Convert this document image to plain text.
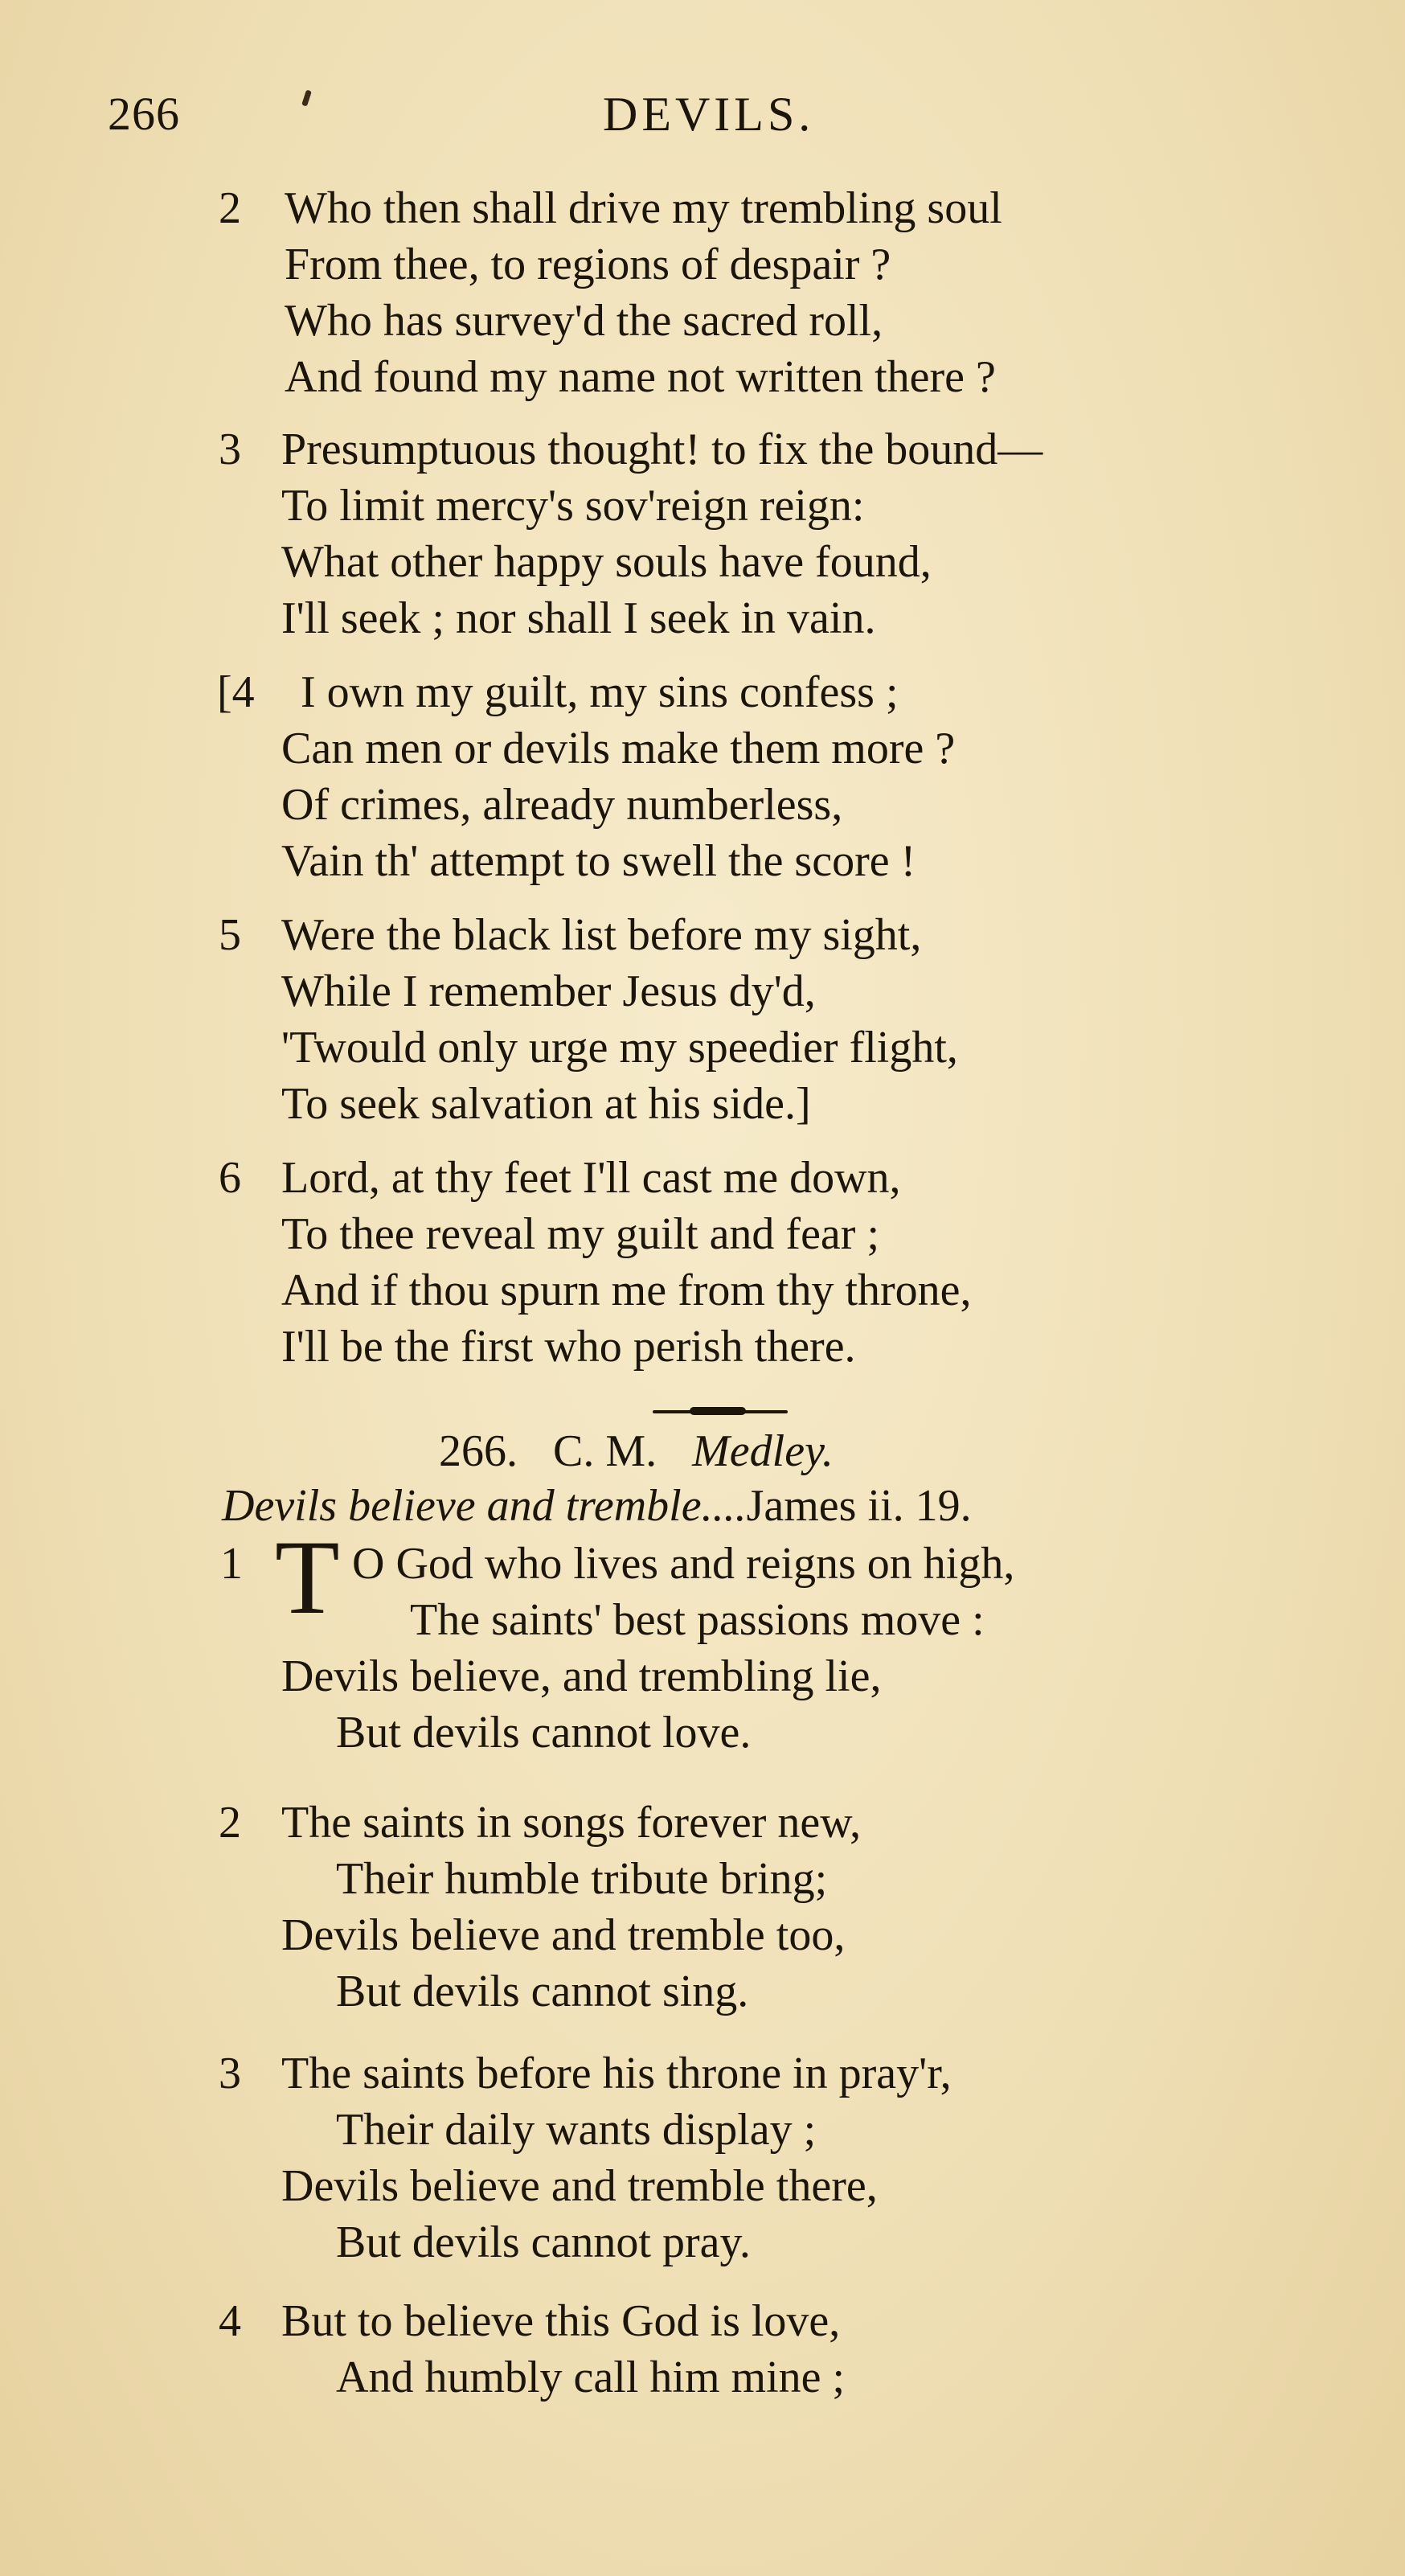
266	DEVILS.
2 Who then shall drive my trembling soul
From thee, to regions of despair ?
Who has survey'd the sacred roll,
And found my name not written there ?
3 Presumptuous thought! to fix the bound—
To limit mercy's sov'reign reign:
What other happy souls have found,
I'll seek ; nor shall I seek in vain.
[4 I own my guilt, my sins confess ;
Can men or devils make them more ?
Of crimes, already numberless,
Vain th' attempt to swell the score !
5 Were the black list before my sight,
While I remember Jesus dy'd,
'Twould only urge my speedier flight,
To seek salvation at his side.]
6 Lord, at thy feet I'll cast me down,
To thee reveal my guilt and fear ;
And if thou spurn me from thy throne,
I'll be the first who perish there.
266. C. M. Medley.
Devils believe and tremble....James ii. 19.
1 T O God who lives and reigns on high,
The saints' best passions move :
Devils believe, and trembling lie,
But devils cannot love.
2 The saints in songs forever new,
Their humble tribute bring;
Devils believe and tremble too,
But devils cannot sing.
3 The saints before his throne in pray'r,
Their daily wants display ;
Devils believe and tremble there,
But devils cannot pray.
4 But to believe this God is love,
And humbly call him mine ;
